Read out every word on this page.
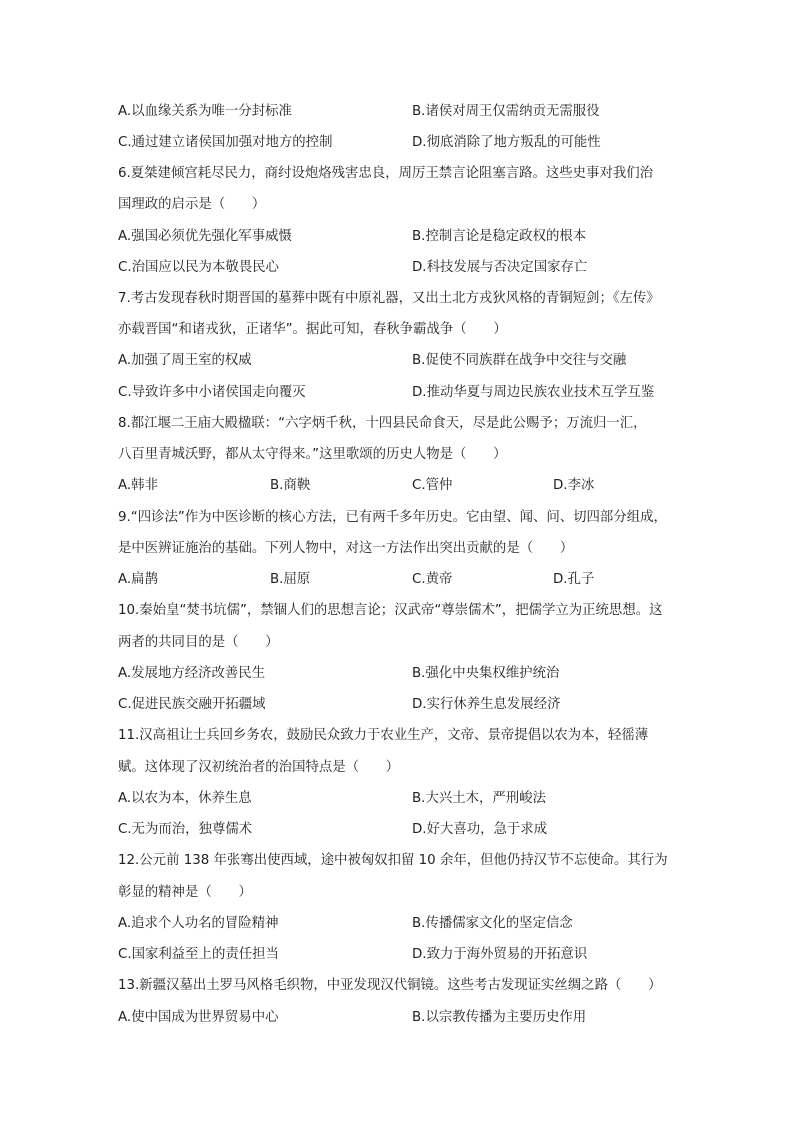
A.以血缘关系为唯一分封标准	B.诸侯对周王仅需纳贡无需服役
C.通过建立诸侯国加强对地方的控制	D.彻底消除了地方叛乱的可能性
6.夏桀建倾宫耗尽民力，商纣设炮烙残害忠良，周厉王禁言论阻塞言路。这些史事对我们治
国理政的启示是（　　）
A.强国必须优先强化军事威慑	B.控制言论是稳定政权的根本
C.治国应以民为本敬畏民心	D.科技发展与否决定国家存亡
7.考古发现春秋时期晋国的墓葬中既有中原礼器，又出土北方戎狄风格的青铜短剑；《左传》
亦载晋国“和诸戎狄，正诸华”。据此可知，春秋争霸战争（　　）
A.加强了周王室的权威	B.促使不同族群在战争中交往与交融
C.导致许多中小诸侯国走向覆灭	D.推动华夏与周边民族农业技术互学互鉴
8.都江堰二王庙大殿楹联：“六字炳千秋，十四县民命食天，尽是此公赐予；万流归一汇，
八百里青城沃野，都从太守得来。”这里歌颂的历史人物是（　　）
A.韩非	B.商鞅	C.管仲	D.李冰
9.“四诊法”作为中医诊断的核心方法，已有两千多年历史。它由望、闻、问、切四部分组成，
是中医辨证施治的基础。下列人物中，对这一方法作出突出贡献的是（　　）
A.扁鹊	B.屈原	C.黄帝	D.孔子
10.秦始皇“焚书坑儒”，禁锢人们的思想言论；汉武帝“尊崇儒术”，把儒学立为正统思想。这
两者的共同目的是（　　）
A.发展地方经济改善民生	B.强化中央集权维护统治
C.促进民族交融开拓疆域	D.实行休养生息发展经济
11.汉高祖让士兵回乡务农，鼓励民众致力于农业生产，文帝、景帝提倡以农为本，轻徭薄
赋。这体现了汉初统治者的治国特点是（　　）
A.以农为本，休养生息	B.大兴土木，严刑峻法
C.无为而治，独尊儒术	D.好大喜功，急于求成
12.公元前 138 年张骞出使西域，途中被匈奴扣留 10 余年，但他仍持汉节不忘使命。其行为
彰显的精神是（　　）
A.追求个人功名的冒险精神	B.传播儒家文化的坚定信念
C.国家利益至上的责任担当	D.致力于海外贸易的开拓意识
13.新疆汉墓出土罗马风格毛织物，中亚发现汉代铜镜。这些考古发现证实丝绸之路（　　）
A.使中国成为世界贸易中心	B.以宗教传播为主要历史作用
